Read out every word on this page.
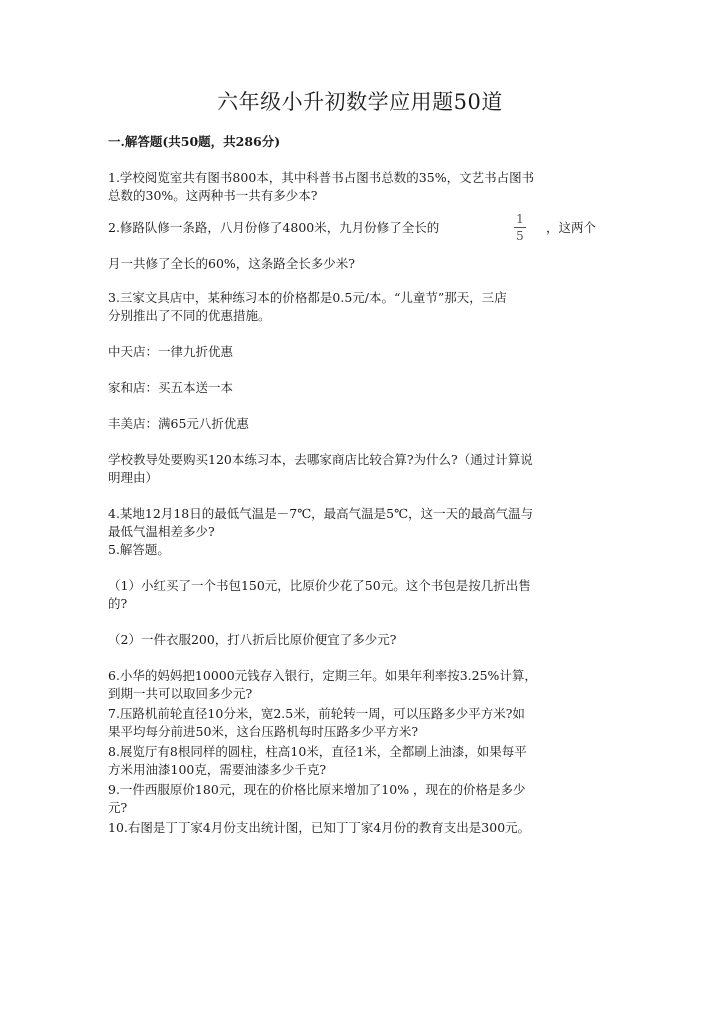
六年级小升初数学应用题50道
一.解答题(共50题，共286分)
1.学校阅览室共有图书800本，其中科普书占图书总数的35%，文艺书占图书
总数的30%。这两种书一共有多少本?
2.修路队修一条路，八月份修了4800米，九月份修了全长的
1
5
，这两个
月一共修了全长的60%，这条路全长多少米?
3.三家文具店中，某种练习本的价格都是0.5元/本。“儿童节”那天，三店
分别推出了不同的优惠措施。
中天店：一律九折优惠
家和店：买五本送一本
丰美店：满65元八折优惠
学校教导处要购买120本练习本，去哪家商店比较合算?为什么?（通过计算说
明理由）
4.某地12月18日的最低气温是－7℃，最高气温是5℃，这一天的最高气温与
最低气温相差多少?
5.解答题。
（1）小红买了一个书包150元，比原价少花了50元。这个书包是按几折出售
的?
（2）一件衣服200，打八折后比原价便宜了多少元?
6.小华的妈妈把10000元钱存入银行，定期三年。如果年利率按3.25%计算，
到期一共可以取回多少元?
7.压路机前轮直径10分米，宽2.5米，前轮转一周，可以压路多少平方米?如
果平均每分前进50米，这台压路机每时压路多少平方米?
8.展览厅有8根同样的圆柱，柱高10米，直径1米，全都刷上油漆，如果每平
方米用油漆100克，需要油漆多少千克?
9.一件西服原价180元，现在的价格比原来增加了10% ，现在的价格是多少
元?
10.右图是丁丁家4月份支出统计图，已知丁丁家4月份的教育支出是300元。
